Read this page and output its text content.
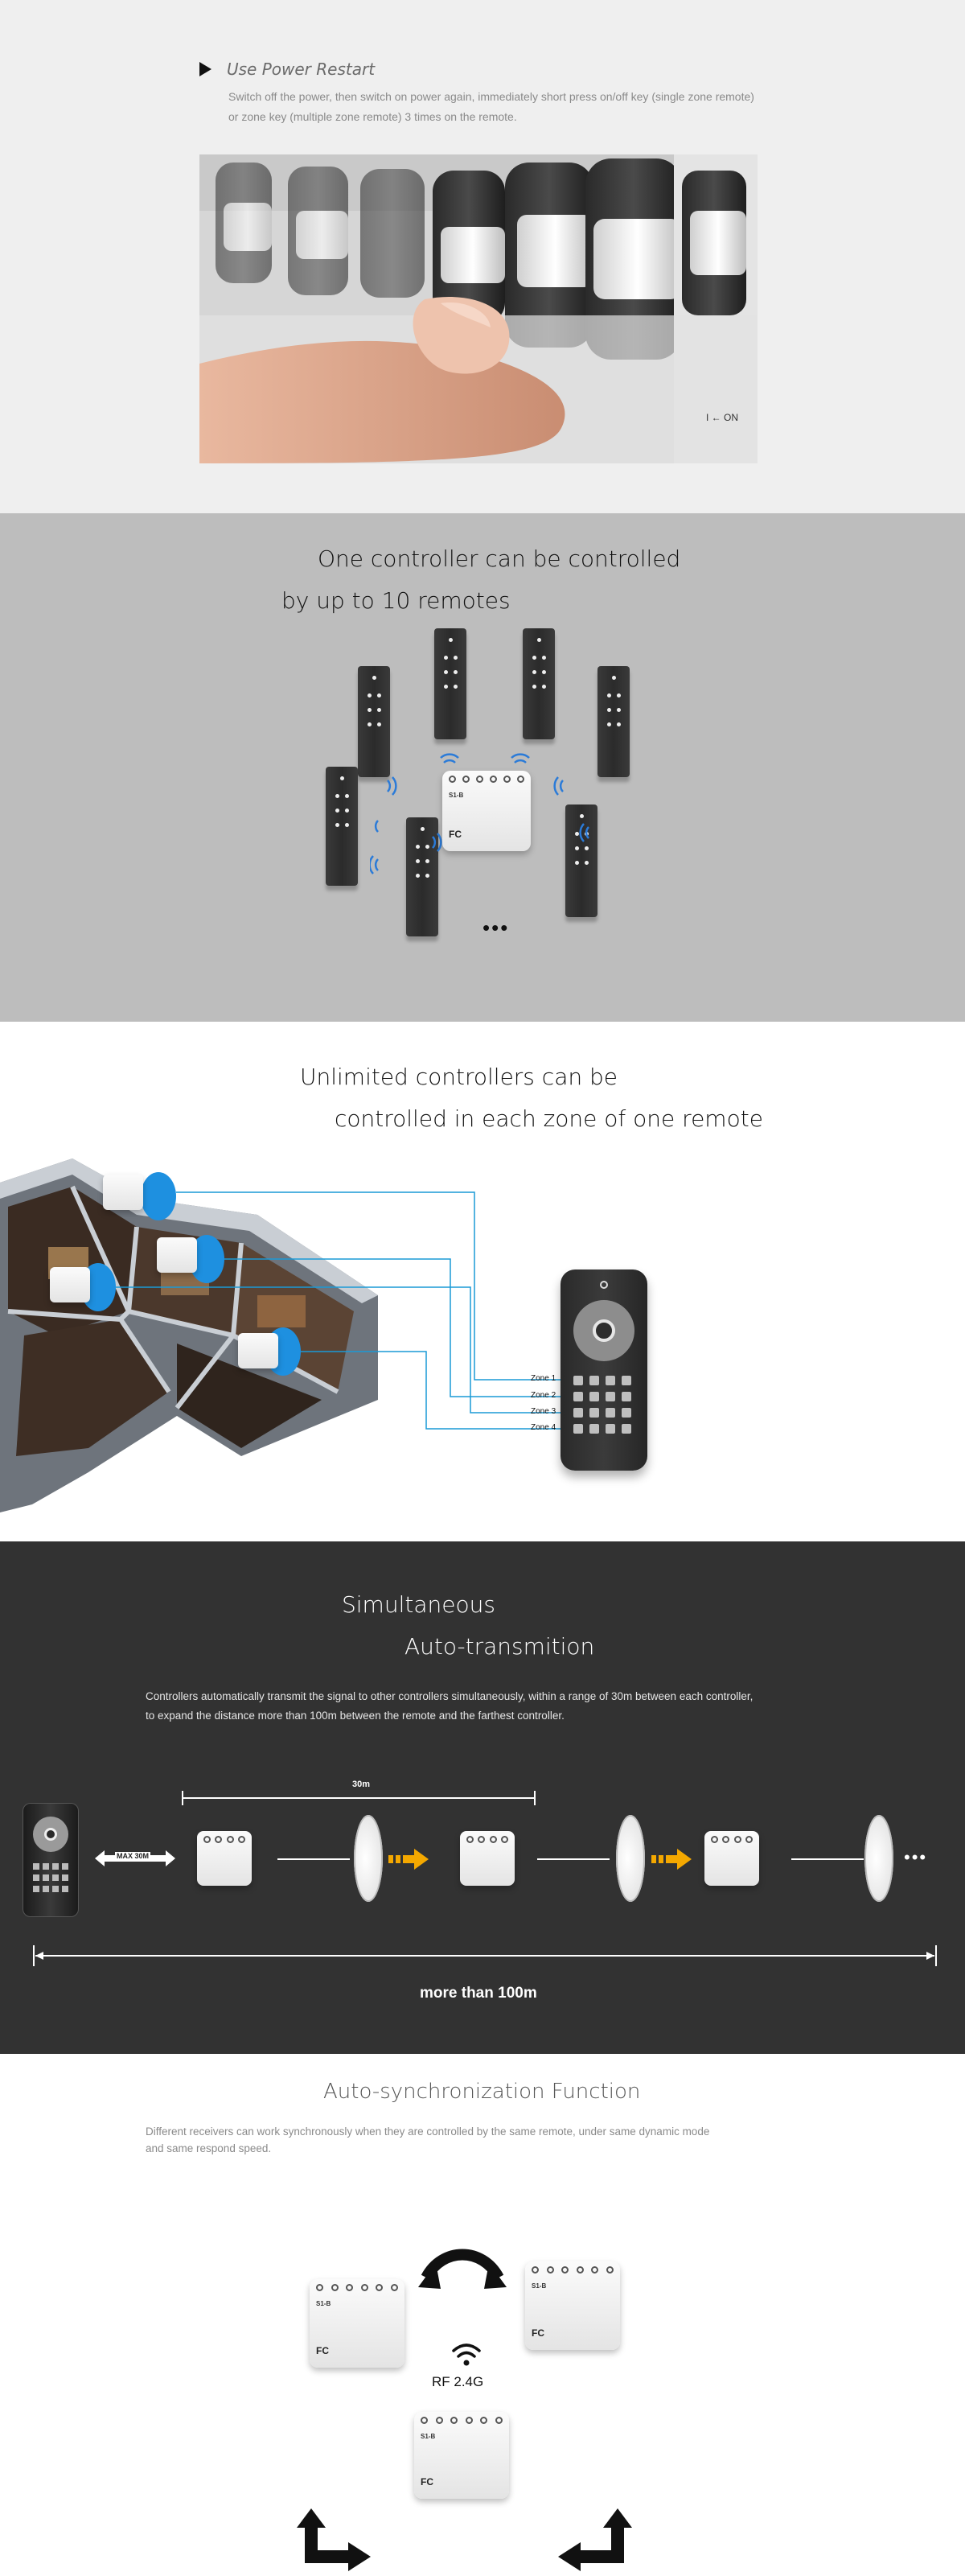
Use Power Restart
Switch off the power, then switch on power again, immediately short press on/off key (single zone remote)
or zone key (multiple zone remote) 3 times on the remote.
I ← ON
One controller can be controlled
by up to 10 remotes
S1-B
FC
•••
Unlimited controllers can be
controlled in each zone of one remote
Zone 1
Zone 2
Zone 3
Zone 4
Simultaneous
Auto-transmition
Controllers automatically transmit the signal to other controllers simultaneously, within a range of 30m between each controller,
to expand the distance more than 100m between the remote and the farthest controller.
30m
MAX 30M	•••
more than 100m
Auto-synchronization Function
Different receivers can work synchronously when they are controlled by the same remote, under same dynamic mode
and same respond speed.
S1-B
FC
S1-B
FC
S1-B
FC
RF 2.4G
